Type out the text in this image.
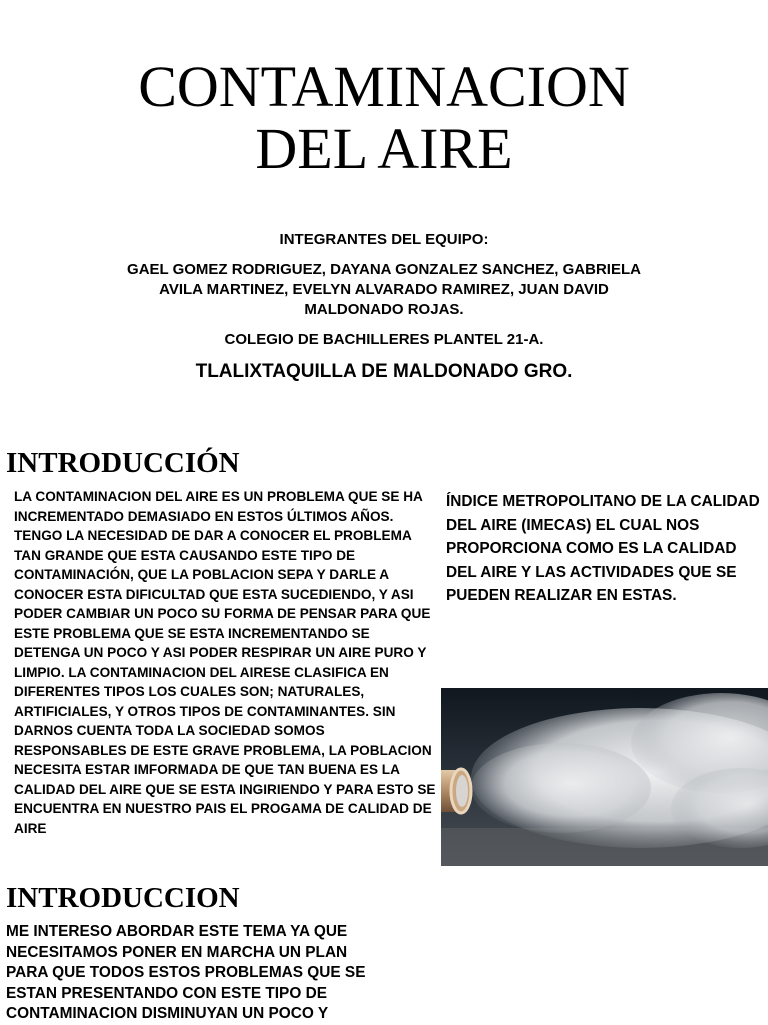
CONTAMINACION
DEL AIRE

INTEGRANTES DEL EQUIPO:

GAEL GOMEZ RODRIGUEZ, DAYANA GONZALEZ SANCHEZ, GABRIELA AVILA MARTINEZ, EVELYN ALVARADO RAMIREZ, JUAN DAVID MALDONADO ROJAS.

COLEGIO DE BACHILLERES PLANTEL 21-A.

TLALIXTAQUILLA DE MALDONADO GRO.

INTRODUCCIÓN

LA CONTAMINACION DEL AIRE ES UN PROBLEMA QUE SE HA INCREMENTADO DEMASIADO EN ESTOS ÚLTIMOS AÑOS. TENGO LA NECESIDAD DE DAR A CONOCER EL PROBLEMA TAN GRANDE QUE ESTA CAUSANDO ESTE TIPO DE CONTAMINACIÓN, QUE LA POBLACION SEPA Y DARLE A CONOCER ESTA DIFICULTAD QUE ESTA SUCEDIENDO, Y ASI PODER CAMBIAR UN POCO SU FORMA DE PENSAR PARA QUE ESTE PROBLEMA QUE SE ESTA INCREMENTANDO SE DETENGA UN POCO Y ASI PODER RESPIRAR UN AIRE PURO Y LIMPIO. LA CONTAMINACION DEL AIRESE CLASIFICA EN DIFERENTES TIPOS LOS CUALES SON; NATURALES, ARTIFICIALES, Y OTROS TIPOS DE CONTAMINANTES. SIN DARNOS CUENTA TODA LA SOCIEDAD SOMOS RESPONSABLES DE ESTE GRAVE PROBLEMA, LA POBLACION NECESITA ESTAR IMFORMADA DE QUE TAN BUENA ES LA CALIDAD DEL AIRE QUE SE ESTA INGIRIENDO Y PARA ESTO SE ENCUENTRA EN NUESTRO PAIS EL PROGAMA DE CALIDAD DE AIRE

ÍNDICE METROPOLITANO DE LA CALIDAD DEL AIRE (IMECAS) EL CUAL NOS PROPORCIONA COMO ES LA CALIDAD DEL AIRE Y LAS ACTIVIDADES QUE SE PUEDEN REALIZAR EN ESTAS.

INTRODUCCION

ME INTERESO ABORDAR ESTE TEMA YA QUE NECESITAMOS PONER EN MARCHA UN PLAN PARA QUE TODOS ESTOS PROBLEMAS QUE SE ESTAN PRESENTANDO CON ESTE TIPO DE CONTAMINACION DISMINUYAN UN POCO Y
